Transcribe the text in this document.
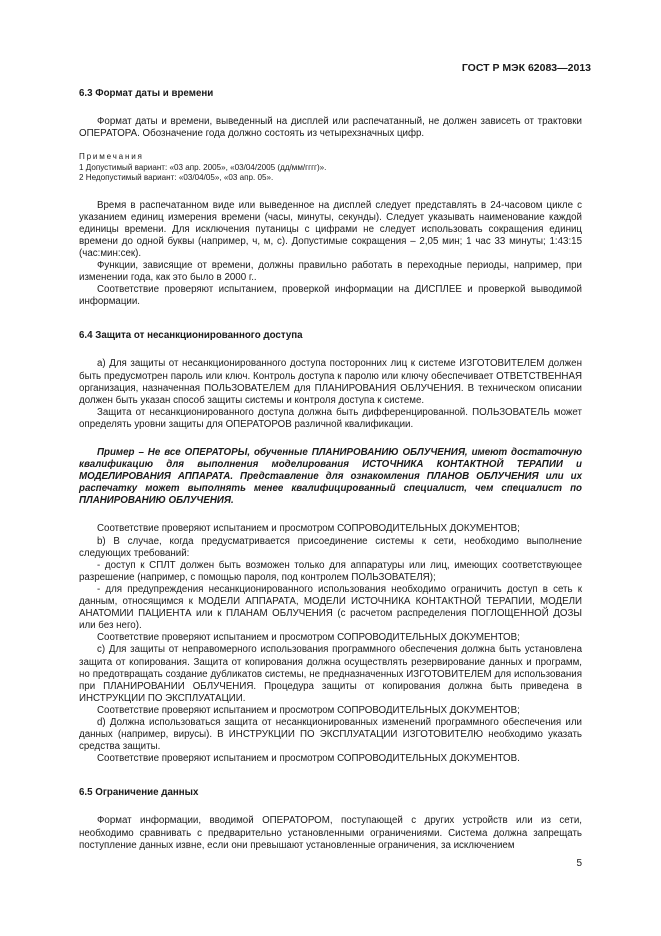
ГОСТ Р МЭК 62083—2013
6.3 Формат даты и времени

Формат даты и времени, выведенный на дисплей или распечатанный, не должен зависеть от трактовки ОПЕРАТОРА. Обозначение года должно состоять из четырехзначных цифр.

Примечания
1 Допустимый вариант: «03 апр. 2005», «03/04/2005 (дд/мм/гггг)».
2 Недопустимый вариант: «03/04/05», «03 апр. 05».

Время в распечатанном виде или выведенное на дисплей следует представлять в 24-часовом цикле с указанием единиц измерения времени (часы, минуты, секунды). Следует указывать наименование каждой единицы времени. Для исключения путаницы с цифрами не следует использовать сокращения единиц времени до одной буквы (например, ч, м, с). Допустимые сокращения – 2,05 мин; 1 час 33 минуты; 1:43:15 (час:мин:сек).

Функции, зависящие от времени, должны правильно работать в переходные периоды, например, при изменении года, как это было в 2000 г..

Соответствие проверяют испытанием, проверкой информации на ДИСПЛЕЕ и проверкой выводимой информации.

6.4 Защита от несанкционированного доступа

а) Для защиты от несанкционированного доступа посторонних лиц к системе ИЗГОТОВИТЕЛЕМ должен быть предусмотрен пароль или ключ. Контроль доступа к паролю или ключу обеспечивает ОТВЕТСТВЕННАЯ организация, назначенная ПОЛЬЗОВАТЕЛЕМ для ПЛАНИРОВАНИЯ ОБЛУЧЕНИЯ. В техническом описании должен быть указан способ защиты системы и контроля доступа к системе.

Защита от несанкционированного доступа должна быть дифференцированной. ПОЛЬЗОВАТЕЛЬ может определять уровни защиты для ОПЕРАТОРОВ различной квалификации.

Пример – Не все ОПЕРАТОРЫ, обученные ПЛАНИРОВАНИЮ ОБЛУЧЕНИЯ, имеют достаточную квалификацию для выполнения моделирования ИСТОЧНИКА КОНТАКТНОЙ ТЕРАПИИ и МОДЕЛИРОВАНИЯ АППАРАТА. Представление для ознакомления ПЛАНОВ ОБЛУЧЕНИЯ или их распечатку может выполнять менее квалифицированный специалист, чем специалист по ПЛАНИРОВАНИЮ ОБЛУЧЕНИЯ.

Соответствие проверяют испытанием и просмотром СОПРОВОДИТЕЛЬНЫХ ДОКУМЕНТОВ;

b) В случае, когда предусматривается присоединение системы к сети, необходимо выполнение следующих требований:

- доступ к СПЛТ должен быть возможен только для аппаратуры или лиц, имеющих соответствующее разрешение (например, с помощью пароля, под контролем ПОЛЬЗОВАТЕЛЯ);

- для предупреждения несанкционированного использования необходимо ограничить доступ в сеть к данным, относящимся к МОДЕЛИ АППАРАТА, МОДЕЛИ ИСТОЧНИКА КОНТАКТНОЙ ТЕРАПИИ, МОДЕЛИ АНАТОМИИ ПАЦИЕНТА или к ПЛАНАМ ОБЛУЧЕНИЯ (с расчетом распределения ПОГЛОЩЕННОЙ ДОЗЫ или без него).

Соответствие проверяют испытанием и просмотром СОПРОВОДИТЕЛЬНЫХ ДОКУМЕНТОВ;

с) Для защиты от неправомерного использования программного обеспечения должна быть установлена защита от копирования. Защита от копирования должна осуществлять резервирование данных и программ, но предотвращать создание дубликатов системы, не предназначенных ИЗГОТОВИТЕЛЕМ для использования при ПЛАНИРОВАНИИ ОБЛУЧЕНИЯ. Процедура защиты от копирования должна быть приведена в ИНСТРУКЦИИ ПО ЭКСПЛУАТАЦИИ.

Соответствие проверяют испытанием и просмотром СОПРОВОДИТЕЛЬНЫХ ДОКУМЕНТОВ;

d) Должна использоваться защита от несанкционированных изменений программного обеспечения или данных (например, вирусы). В ИНСТРУКЦИИ ПО ЭКСПЛУАТАЦИИ ИЗГОТОВИТЕЛЮ необходимо указать средства защиты.

Соответствие проверяют испытанием и просмотром СОПРОВОДИТЕЛЬНЫХ ДОКУМЕНТОВ.

6.5 Ограничение данных

Формат информации, вводимой ОПЕРАТОРОМ, поступающей с других устройств или из сети, необходимо сравнивать с предварительно установленными ограничениями. Система должна запрещать поступление данных извне, если они превышают установленные ограничения, за исключением

5
